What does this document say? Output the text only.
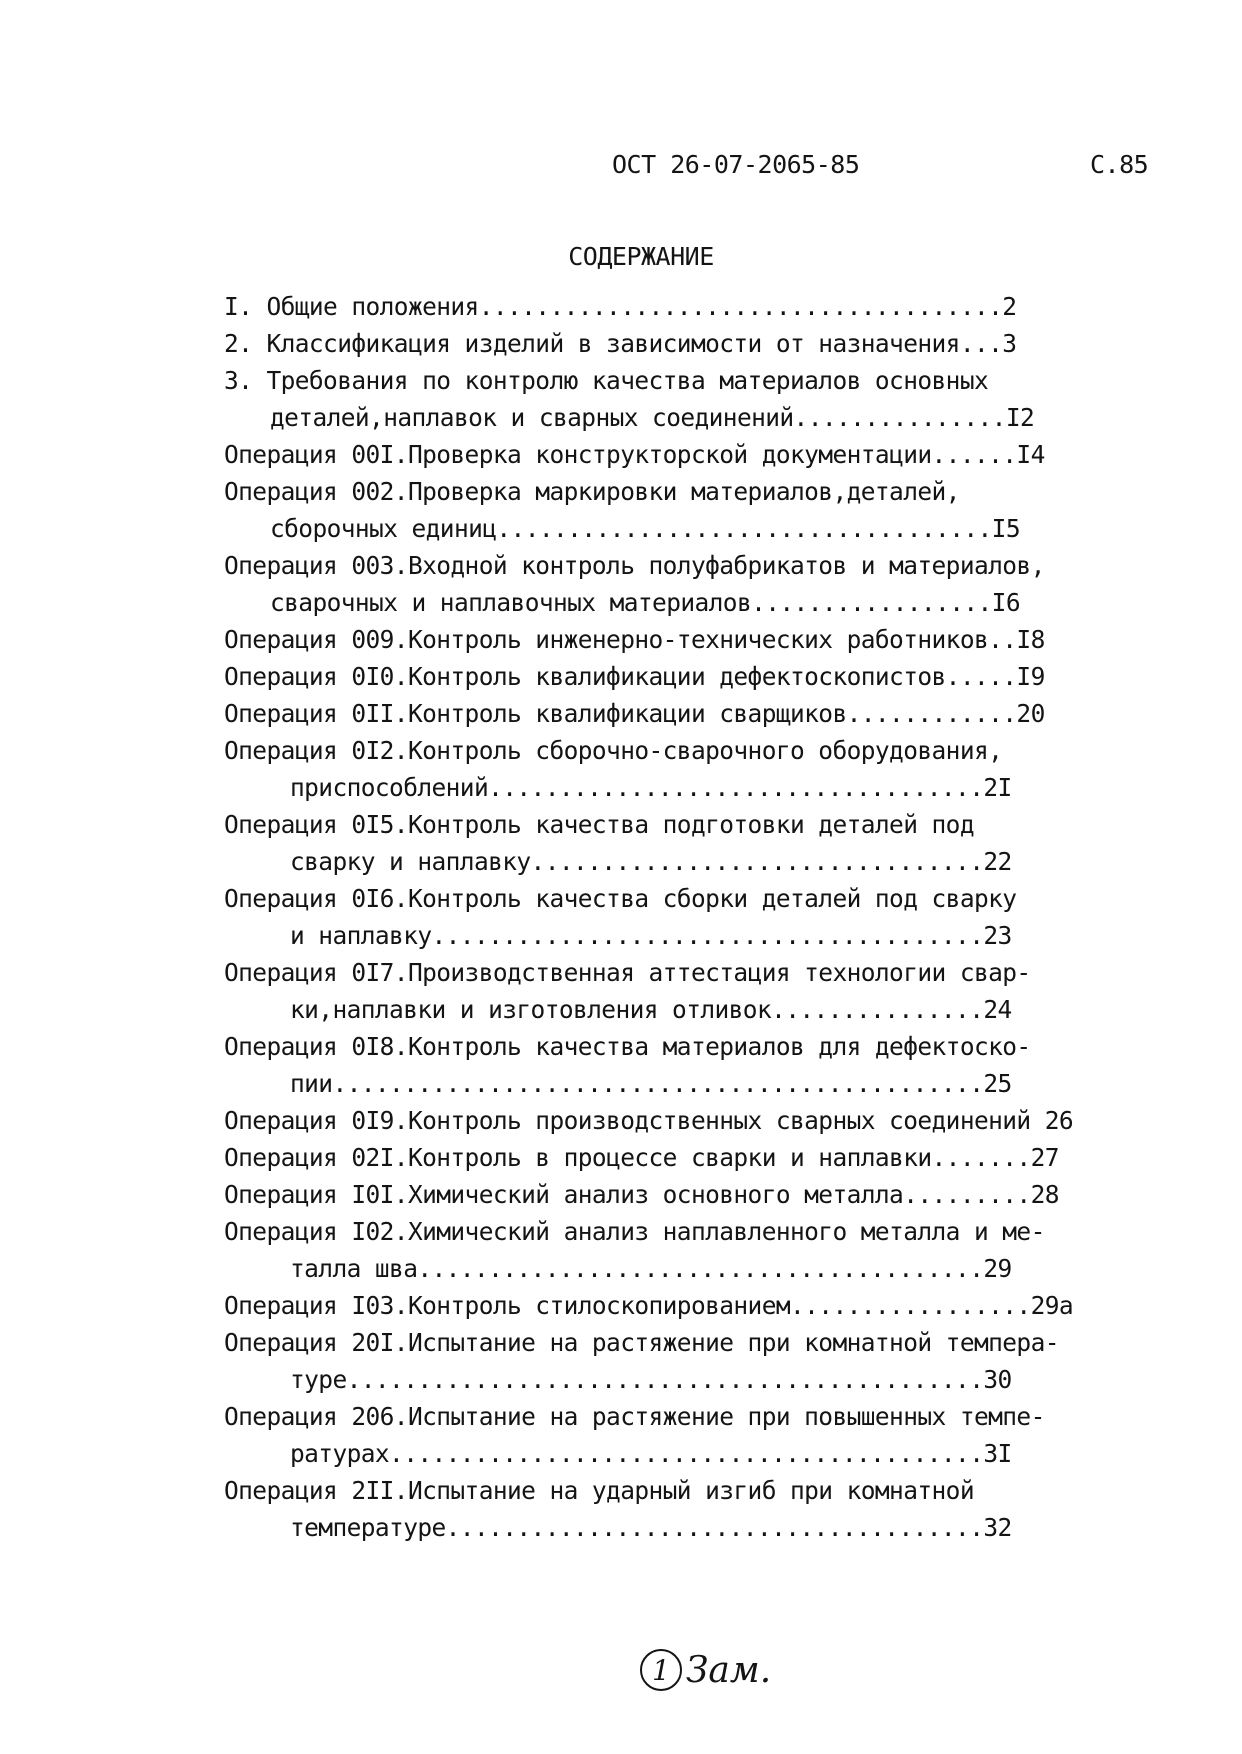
ОСТ 26-07-2065-85	С.85
СОДЕРЖАНИЕ
I. Общие положения.....................................2
2. Классификация изделий в зависимости от назначения...3
3. Требования по контролю качества материалов основных
деталей,наплавок и сварных соединений...............I2
Операция 00I.Проверка конструкторской документации......I4
Операция 002.Проверка маркировки материалов,деталей,
сборочных единиц...................................I5
Операция 003.Входной контроль полуфабрикатов и материалов,
сварочных и наплавочных материалов.................I6
Операция 009.Контроль инженерно-технических работников..I8
Операция 0I0.Контроль квалификации дефектоскопистов.....I9
Операция 0II.Контроль квалификации сварщиков............20
Операция 0I2.Контроль сборочно-сварочного оборудования,
приспособлений...................................2I
Операция 0I5.Контроль качества подготовки деталей под
сварку и наплавку................................22
Операция 0I6.Контроль качества сборки деталей под сварку
и наплавку.......................................23
Операция 0I7.Производственная аттестация технологии свар-
ки,наплавки и изготовления отливок...............24
Операция 0I8.Контроль качества материалов для дефектоско-
пии..............................................25
Операция 0I9.Контроль производственных сварных соединений 26
Операция 02I.Контроль в процессе сварки и наплавки.......27
Операция I0I.Химический анализ основного металла.........28
Операция I02.Химический анализ наплавленного металла и ме-
талла шва........................................29
Операция I03.Контроль стилоскопированием.................29а
Операция 20I.Испытание на растяжение при комнатной темпера-
туре.............................................30
Операция 206.Испытание на растяжение при повышенных темпе-
ратурах..........................................3I
Операция 2II.Испытание на ударный изгиб при комнатной
температуре......................................32
1 Зам.
